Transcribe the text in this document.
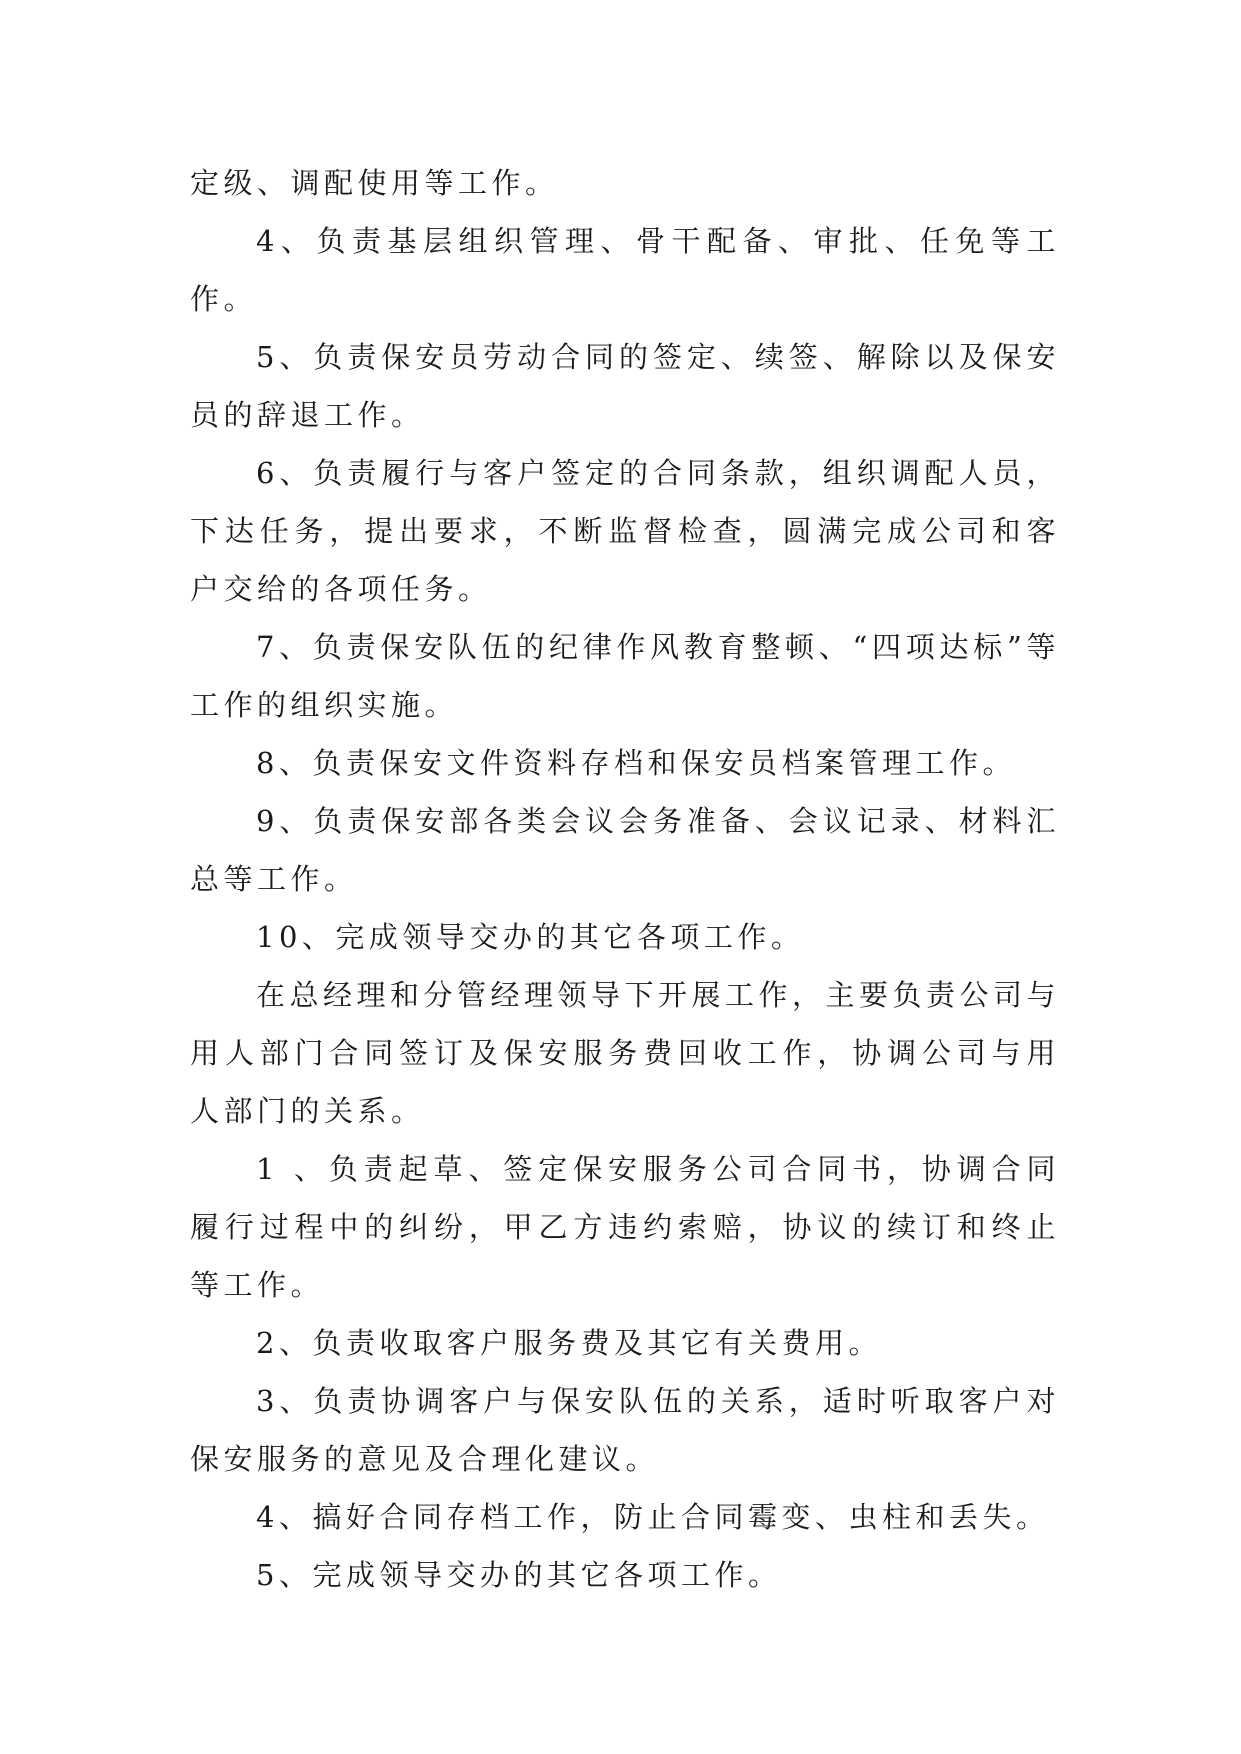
定级、调配使用等工作。

4、负责基层组织管理、骨干配备、审批、任免等工作。

5、负责保安员劳动合同的签定、续签、解除以及保安员的辞退工作。

6、负责履行与客户签定的合同条款，组织调配人员，下达任务，提出要求，不断监督检查，圆满完成公司和客户交给的各项任务。

7、负责保安队伍的纪律作风教育整顿、“四项达标”等工作的组织实施。

8、负责保安文件资料存档和保安员档案管理工作。

9、负责保安部各类会议会务准备、会议记录、材料汇总等工作。

10、完成领导交办的其它各项工作。

在总经理和分管经理领导下开展工作，主要负责公司与用人部门合同签订及保安服务费回收工作，协调公司与用人部门的关系。

1 、负责起草、签定保安服务公司合同书，协调合同履行过程中的纠纷，甲乙方违约索赔，协议的续订和终止等工作。

2、负责收取客户服务费及其它有关费用。

3、负责协调客户与保安队伍的关系，适时听取客户对保安服务的意见及合理化建议。

4、搞好合同存档工作，防止合同霉变、虫柱和丢失。

5、完成领导交办的其它各项工作。
